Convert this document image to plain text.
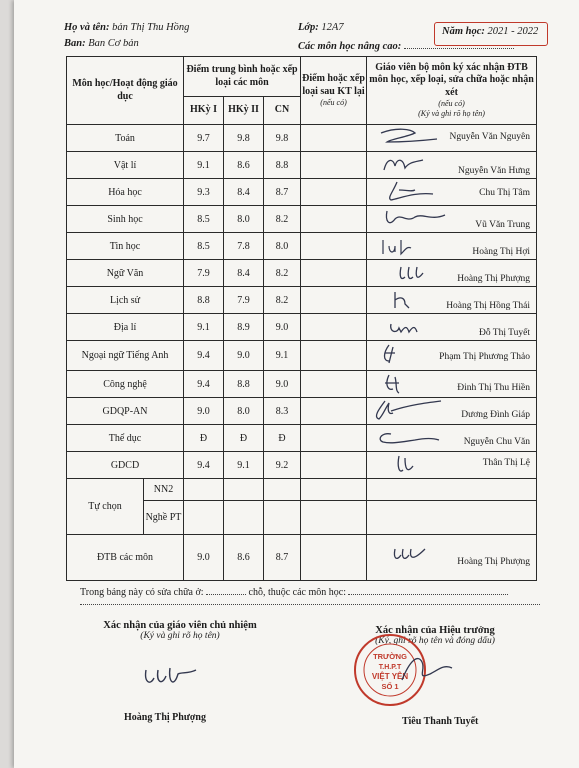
Họ và tên: bản Thị Thu Hồng	Lớp: 12A7	Năm học: 2021 - 2022
Ban: Ban Cơ bản	Các môn học nâng cao:
Môn học/Hoạt động giáo dục		Điểm trung bình hoặc xếp loại các môn			Điểm hoặc xếp loại sau KT lại
(nếu có)	Giáo viên bộ môn ký xác nhận ĐTB môn học, xếp loại, sửa chữa hoặc nhận xét
(nếu có)
(Ký và ghi rõ họ tên)

		HKỳ I	HKỳ II	CN		
Toán		9.7	9.8	9.8		Nguyễn Văn Nguyên

Vật lí		9.1	8.6	8.8		Nguyễn Văn Hưng

Hóa học		9.3	8.4	8.7		Chu Thị Tâm

Sinh học		8.5	8.0	8.2		Vũ Văn Trung

Tin học		8.5	7.8	8.0		Hoàng Thị Hợi

Ngữ Văn		7.9	8.4	8.2		Hoàng Thị Phượng

Lịch sử		8.8	7.9	8.2		Hoàng Thị Hồng Thái

Địa lí		9.1	8.9	9.0		Đỗ Thị Tuyết

Ngoại ngữ Tiếng Anh		9.4	9.0	9.1		Phạm Thị Phương Thảo

Công nghệ		9.4	8.8	9.0		Đinh Thị Thu Hiền

GDQP-AN		9.0	8.0	8.3		Dương Đình Giáp

Thể dục		Đ	Đ	Đ		Nguyễn Chu Văn

GDCD		9.4	9.1	9.2		Thân Thị Lệ

Tự chọn	NN2					
	Nghề PT					
ĐTB các môn		9.0	8.6	8.7		Hoàng Thị Phượng
Trong bảng này có sửa chữa ở:	chỗ, thuộc các môn học:
Xác nhận của giáo viên chủ nhiệm
(Ký và ghi rõ họ tên)
Hoàng Thị Phượng
Xác nhận của Hiệu trưởng
(Ký, ghi rõ họ tên và đóng dấu)
TRƯỜNG
T.H.P.T
VIỆT YÊN
SỐ 1
Tiêu Thanh Tuyết
